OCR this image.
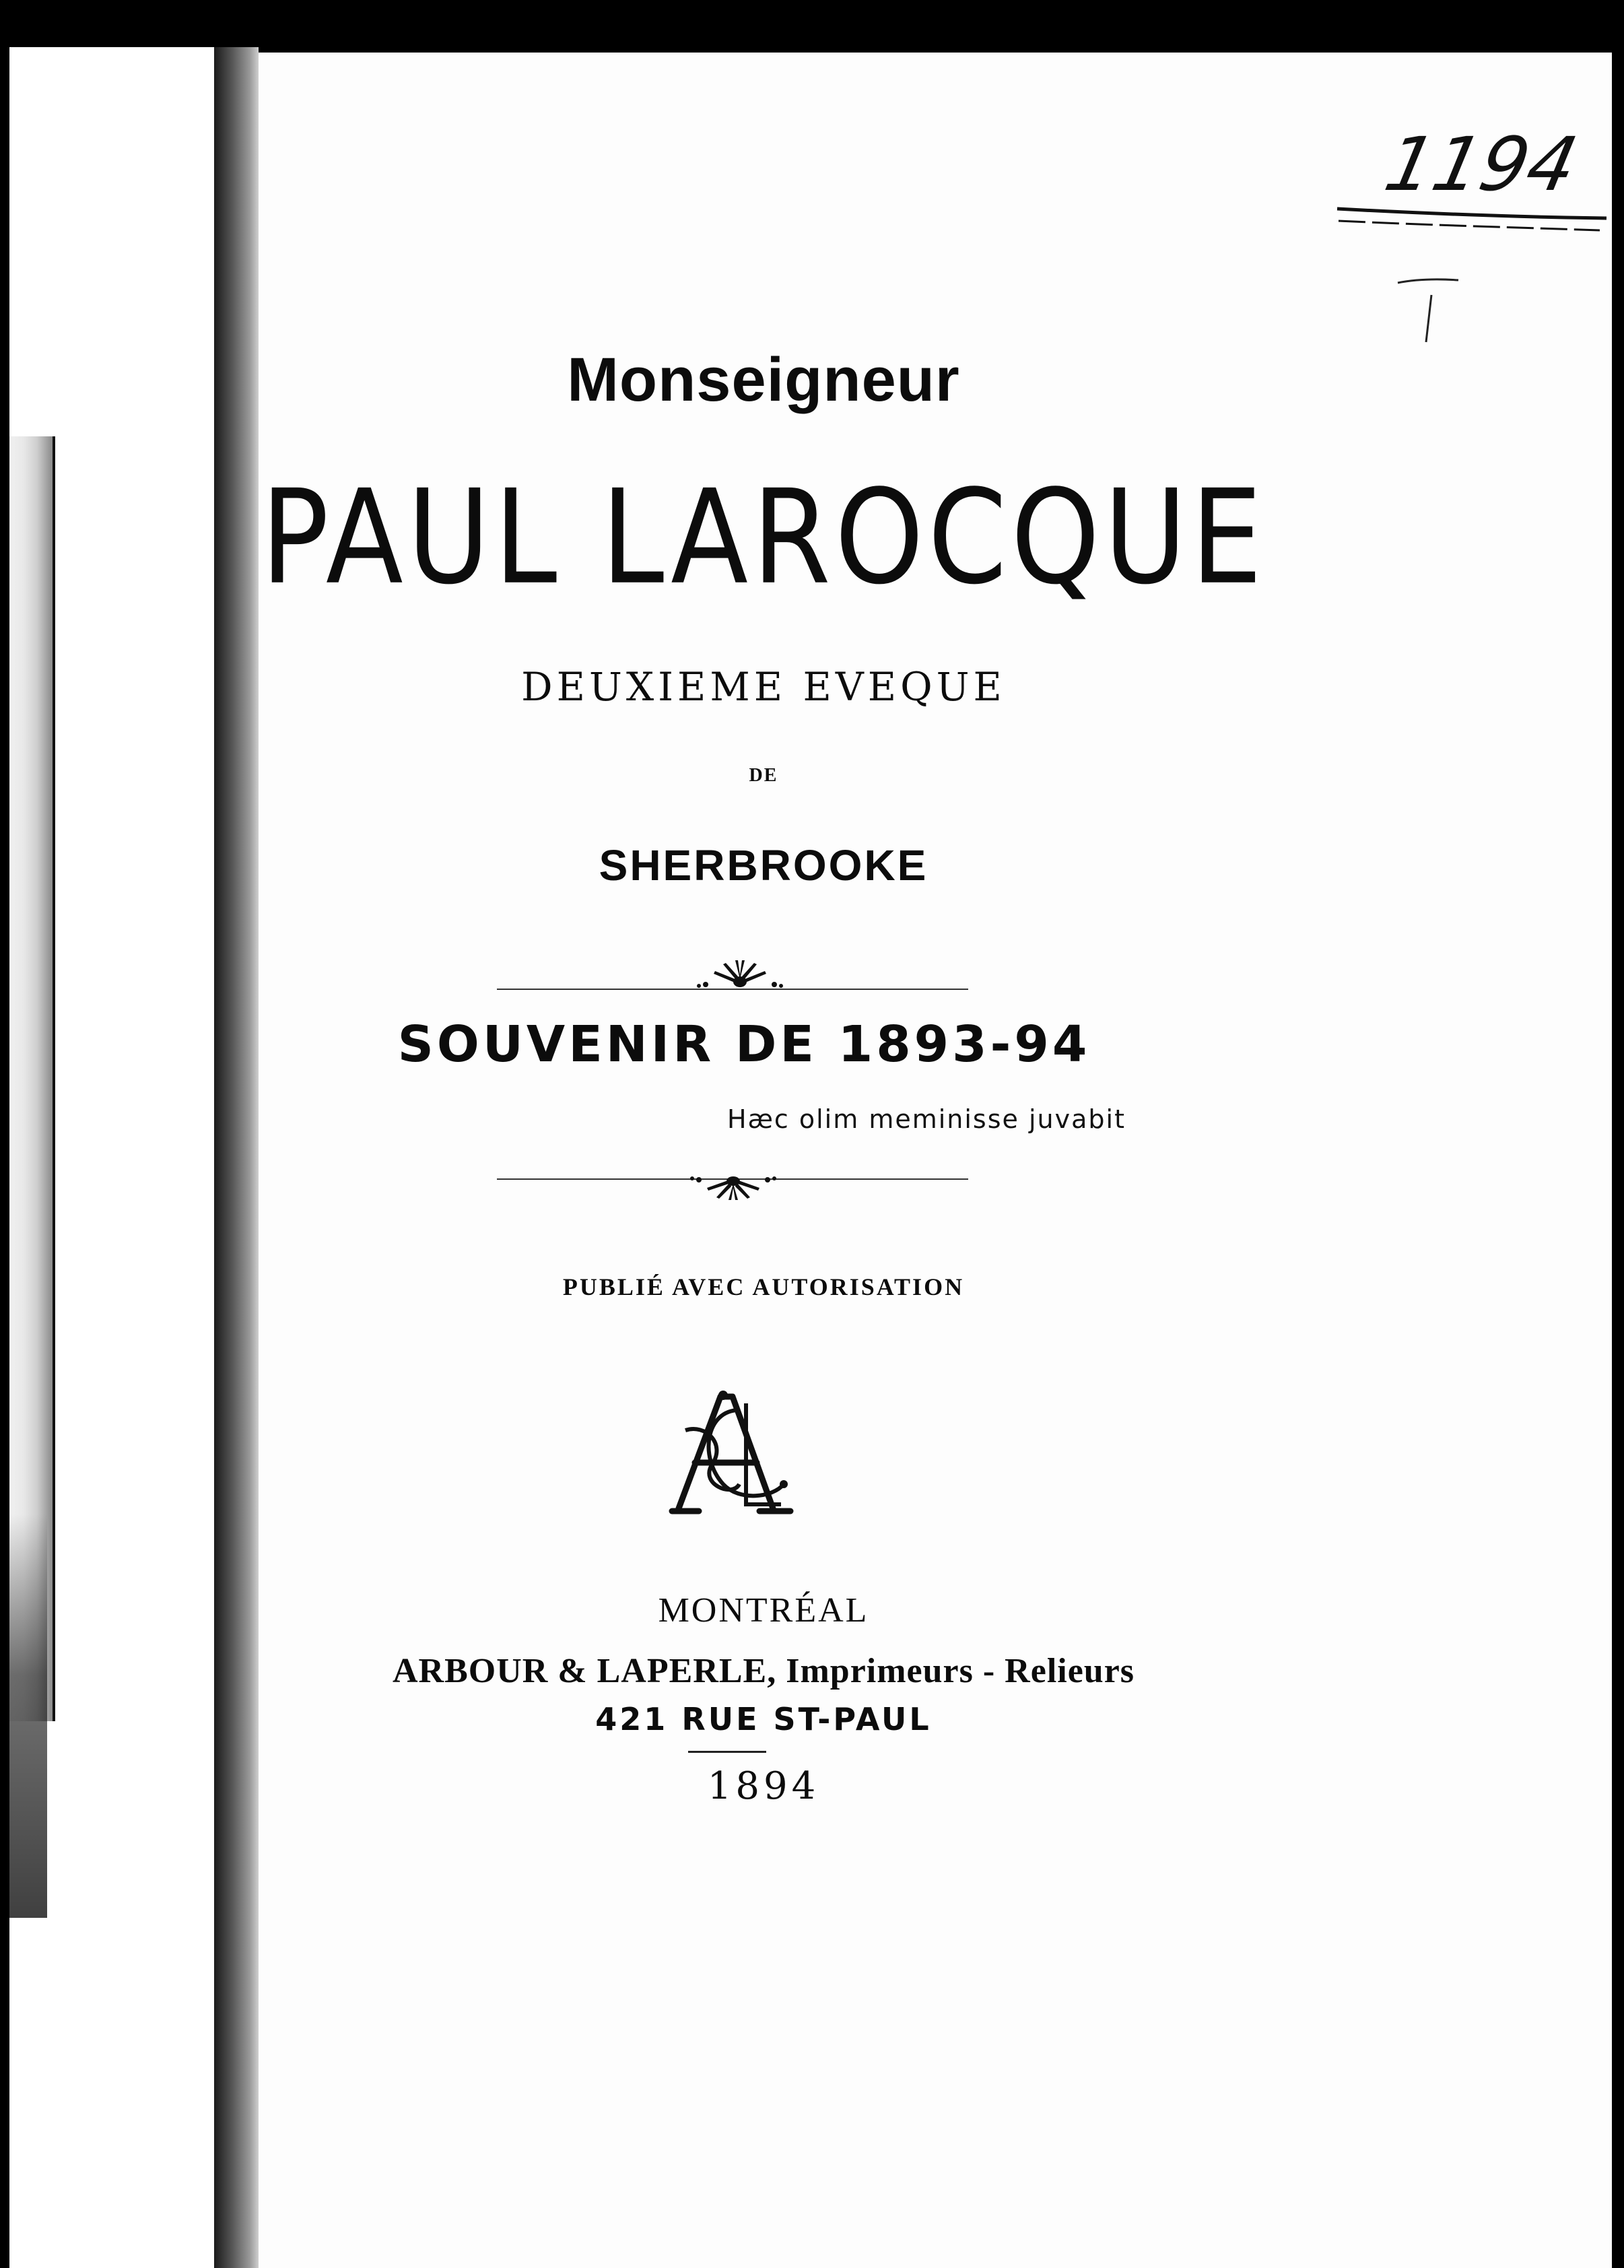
1194
Monseigneur
PAUL LAROCQUE
DEUXIEME EVEQUE
DE
SHERBROOKE
SOUVENIR DE 1893-94
Hæc olim meminisse juvabit
PUBLIÉ AVEC AUTORISATION
MONTRÉAL
ARBOUR & LAPERLE, Imprimeurs - Relieurs
421 RUE ST-PAUL
1894
